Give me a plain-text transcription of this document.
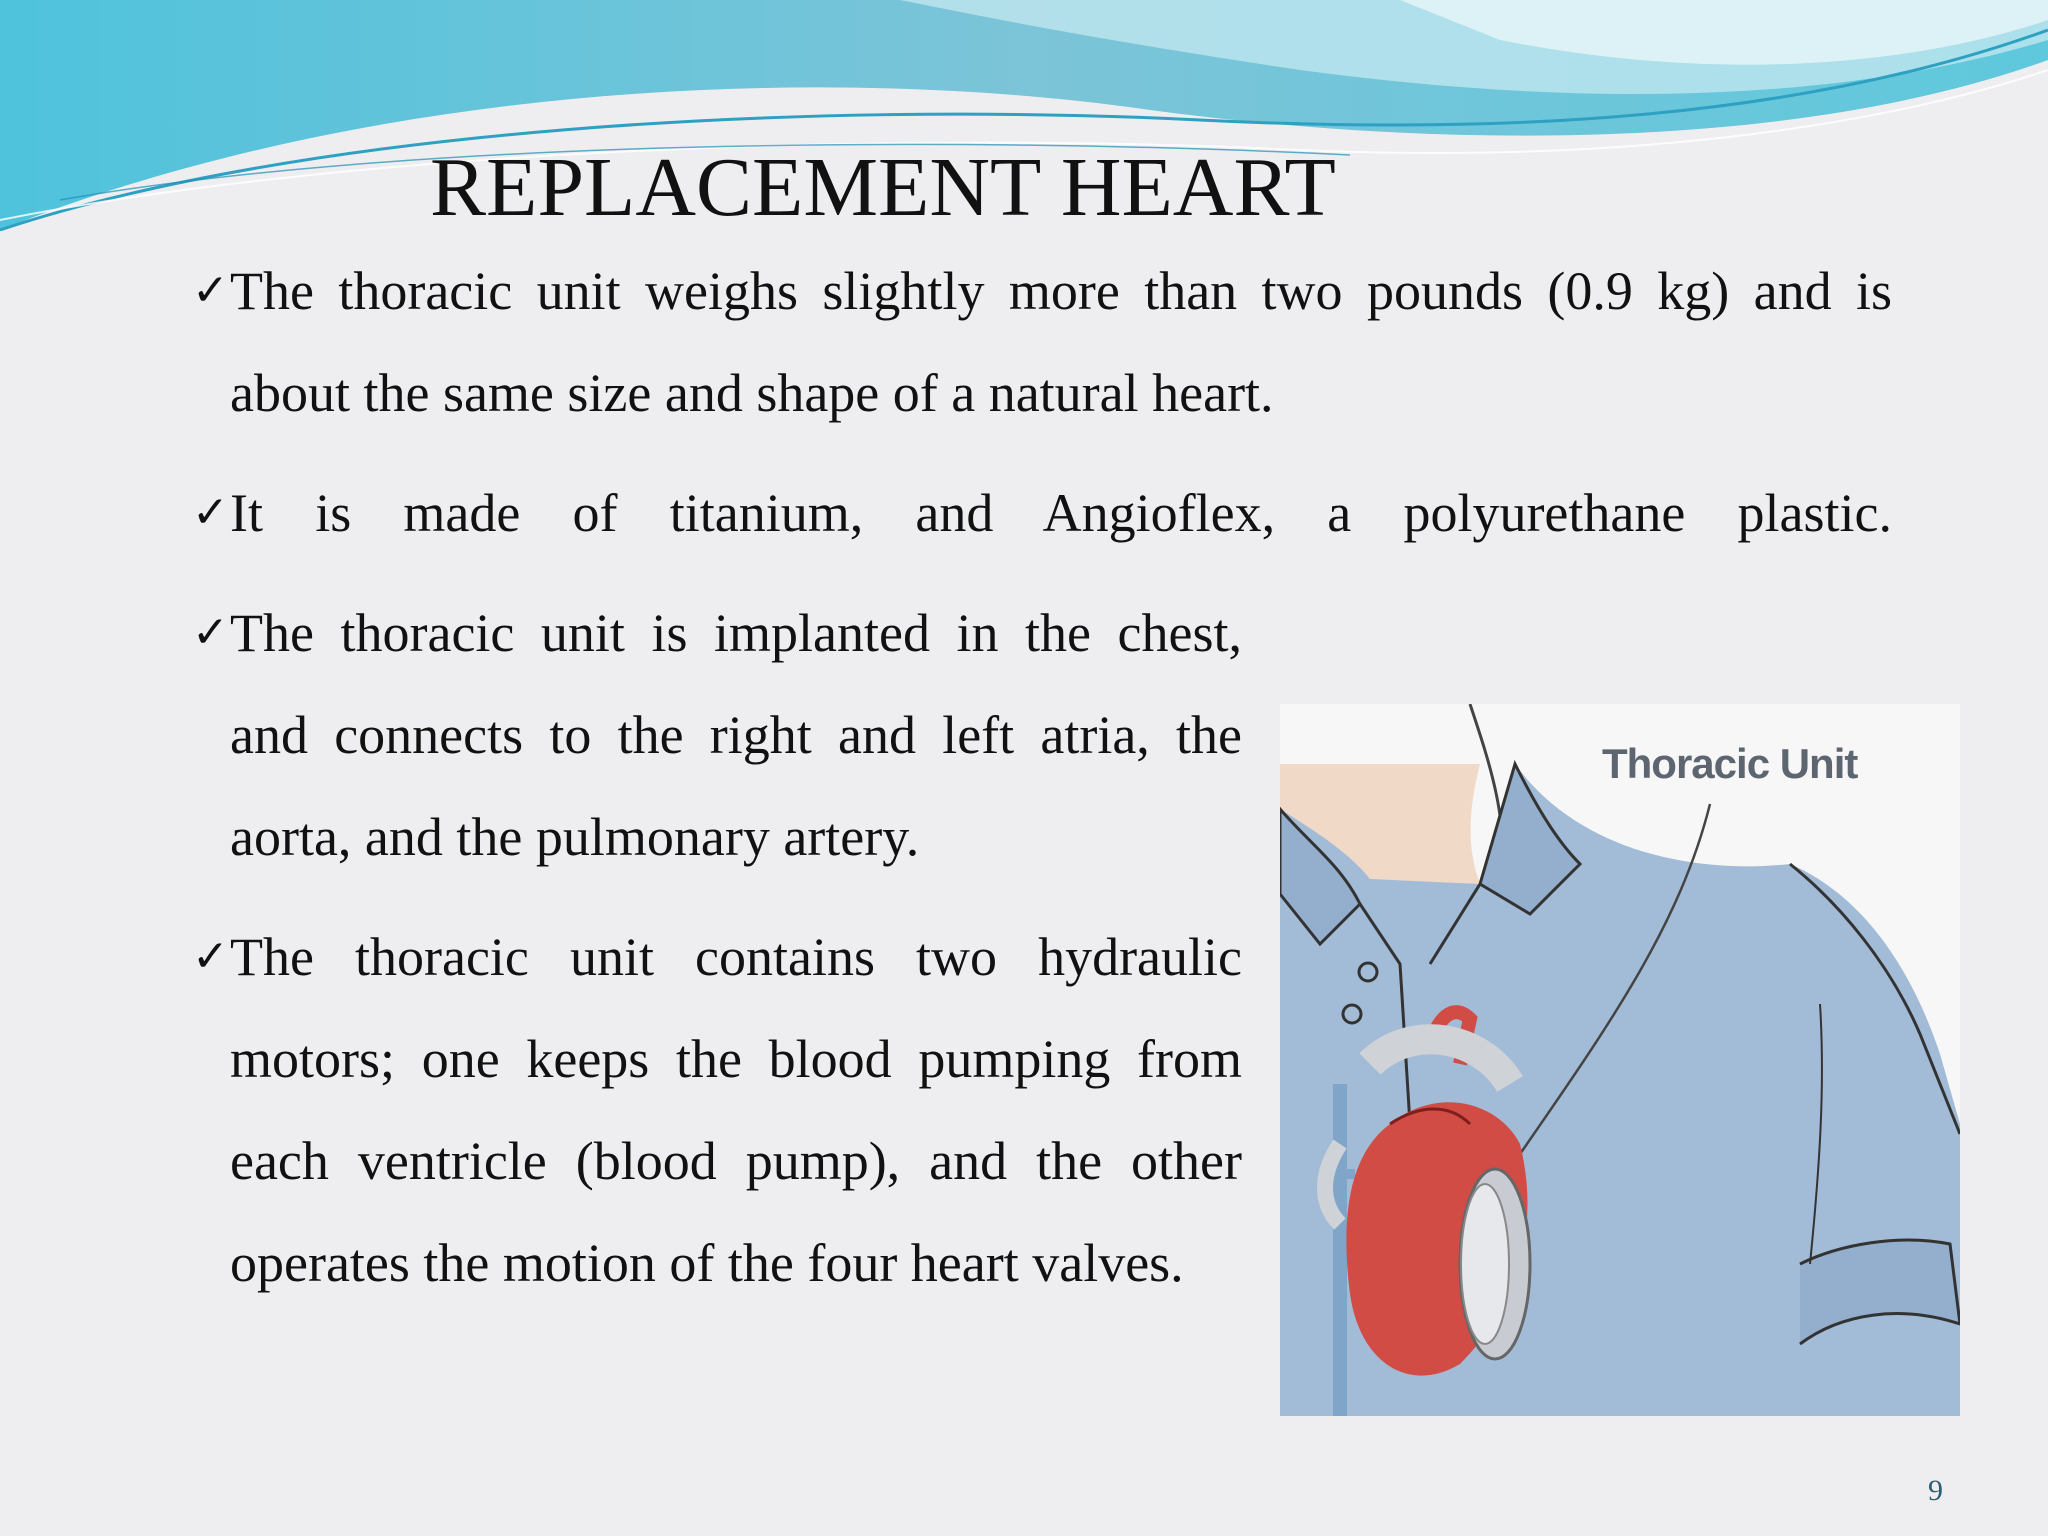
REPLACEMENT HEART
✓ The thoracic unit weighs slightly more than two pounds (0.9 kg) and is about the same size and shape of a natural heart.
✓ It is made of titanium, and Angioflex, a polyurethane plastic.
✓ The thoracic unit is implanted in the chest, and connects to the right and left atria, the aorta, and the pulmonary artery.
✓ The thoracic unit contains two hydraulic motors; one keeps the blood pumping from each ventricle (blood pump), and the other operates the motion of the four heart valves.
Thoracic Unit
9
